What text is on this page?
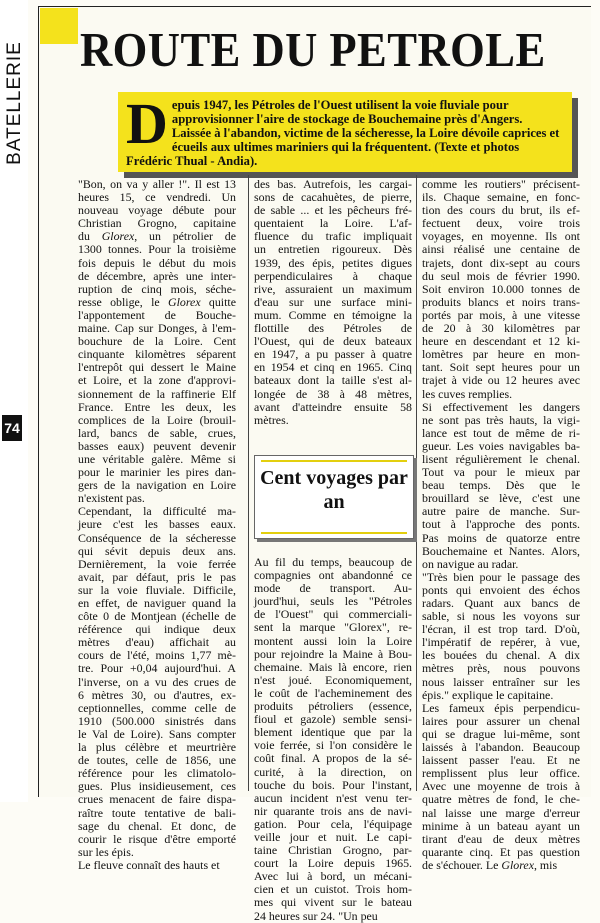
BATELLERIE
74
ROUTE DU PETROLE
Depuis 1947, les Pétroles de l'Ouest utilisent la voie fluviale pour approvisionner l'aire de stockage de Bouchemaine près d'Angers. Laissée à l'abandon, victime de la sécheresse, la Loire dévoile caprices et écueils aux ultimes mariniers qui la fréquentent. (Texte et photos Frédéric Thual - Andia).
"Bon, on va y aller !". Il est 13
heures 15, ce vendredi. Un
nouveau voyage débute pour
Christian Grogno, capitaine
du Glorex, un pétrolier de
1300 tonnes. Pour la troisième
fois depuis le début du mois
de décembre, après une inter-
ruption de cinq mois, séche-
resse oblige, le Glorex quitte
l'appontement de Bouche-
maine. Cap sur Donges, à l'em-
bouchure de la Loire. Cent
cinquante kilomètres séparent
l'entrepôt qui dessert le Maine
et Loire, et la zone d'approvi-
sionnement de la raffinerie Elf
France. Entre les deux, les
complices de la Loire (brouil-
lard, bancs de sable, crues,
basses eaux) peuvent devenir
une véritable galère. Même si
pour le marinier les pires dan-
gers de la navigation en Loire
n'existent pas.
Cependant, la difficulté ma-
jeure c'est les basses eaux.
Conséquence de la sécheresse
qui sévit depuis deux ans.
Dernièrement, la voie ferrée
avait, par défaut, pris le pas
sur la voie fluviale. Difficile,
en effet, de naviguer quand la
côte 0 de Montjean (échelle de
référence qui indique deux
mètres d'eau) affichait au
cours de l'été, moins 1,77 mè-
tre. Pour +0,04 aujourd'hui. A
l'inverse, on a vu des crues de
6 mètres 30, ou d'autres, ex-
ceptionnelles, comme celle de
1910 (500.000 sinistrés dans
le Val de Loire). Sans compter
la plus célèbre et meurtrière
de toutes, celle de 1856, une
référence pour les climatolo-
gues. Plus insidieusement, ces
crues menacent de faire dispa-
raître toute tentative de bali-
sage du chenal. Et donc, de
courir le risque d'être emporté
sur les épis.
Le fleuve connaît des hauts et
des bas. Autrefois, les cargai-
sons de cacahuètes, de pierre,
de sable ... et les pêcheurs fré-
quentaient la Loire. L'af-
fluence du trafic impliquait
un entretien rigoureux. Dès
1939, des épis, petites digues
perpendiculaires à chaque
rive, assuraient un maximum
d'eau sur une surface mini-
mum. Comme en témoigne la
flottille des Pétroles de
l'Ouest, qui de deux bateaux
en 1947, a pu passer à quatre
en 1954 et cinq en 1965. Cinq
bateaux dont la taille s'est al-
longée de 38 à 48 mètres,
avant d'atteindre ensuite 58
mètres.
Cent voyages par an
Au fil du temps, beaucoup de
compagnies ont abandonné ce
mode de transport. Au-
jourd'hui, seuls les "Pétroles
de l'Ouest" qui commerciali-
sent la marque "Glorex", re-
montent aussi loin la Loire
pour rejoindre la Maine à Bou-
chemaine. Mais là encore, rien
n'est joué. Economiquement,
le coût de l'acheminement des
produits pétroliers (essence,
fioul et gazole) semble sensi-
blement identique que par la
voie ferrée, si l'on considère le
coût final. A propos de la sé-
curité, à la direction, on
touche du bois. Pour l'instant,
aucun incident n'est venu ter-
nir quarante trois ans de navi-
gation. Pour cela, l'équipage
veille jour et nuit. Le capi-
taine Christian Grogno, par-
court la Loire depuis 1965.
Avec lui à bord, un mécani-
cien et un cuistot. Trois hom-
mes qui vivent sur le bateau
24 heures sur 24. "Un peu
comme les routiers" précisent-
ils. Chaque semaine, en fonc-
tion des cours du brut, ils ef-
fectuent deux, voire trois
voyages, en moyenne. Ils ont
ainsi réalisé une centaine de
trajets, dont dix-sept au cours
du seul mois de février 1990.
Soit environ 10.000 tonnes de
produits blancs et noirs trans-
portés par mois, à une vitesse
de 20 à 30 kilomètres par
heure en descendant et 12 ki-
lomètres par heure en mon-
tant. Soit sept heures pour un
trajet à vide ou 12 heures avec
les cuves remplies.
Si effectivement les dangers
ne sont pas très hauts, la vigi-
lance est tout de même de ri-
gueur. Les voies navigables ba-
lisent régulièrement le chenal.
Tout va pour le mieux par
beau temps. Dès que le
brouillard se lève, c'est une
autre paire de manche. Sur-
tout à l'approche des ponts.
Pas moins de quatorze entre
Bouchemaine et Nantes. Alors,
on navigue au radar.
"Très bien pour le passage des
ponts qui envoient des échos
radars. Quant aux bancs de
sable, si nous les voyons sur
l'écran, il est trop tard. D'où,
l'impératif de repérer, à vue,
les bouées du chenal. A dix
mètres près, nous pouvons
nous laisser entraîner sur les
épis." explique le capitaine.
Les fameux épis perpendicu-
laires pour assurer un chenal
qui se drague lui-même, sont
laissés à l'abandon. Beaucoup
laissent passer l'eau. Et ne
remplissent plus leur office.
Avec une moyenne de trois à
quatre mètres de fond, le che-
nal laisse une marge d'erreur
minime à un bateau ayant un
tirant d'eau de deux mètres
quarante cinq. Et pas question
de s'échouer. Le Glorex, mis
